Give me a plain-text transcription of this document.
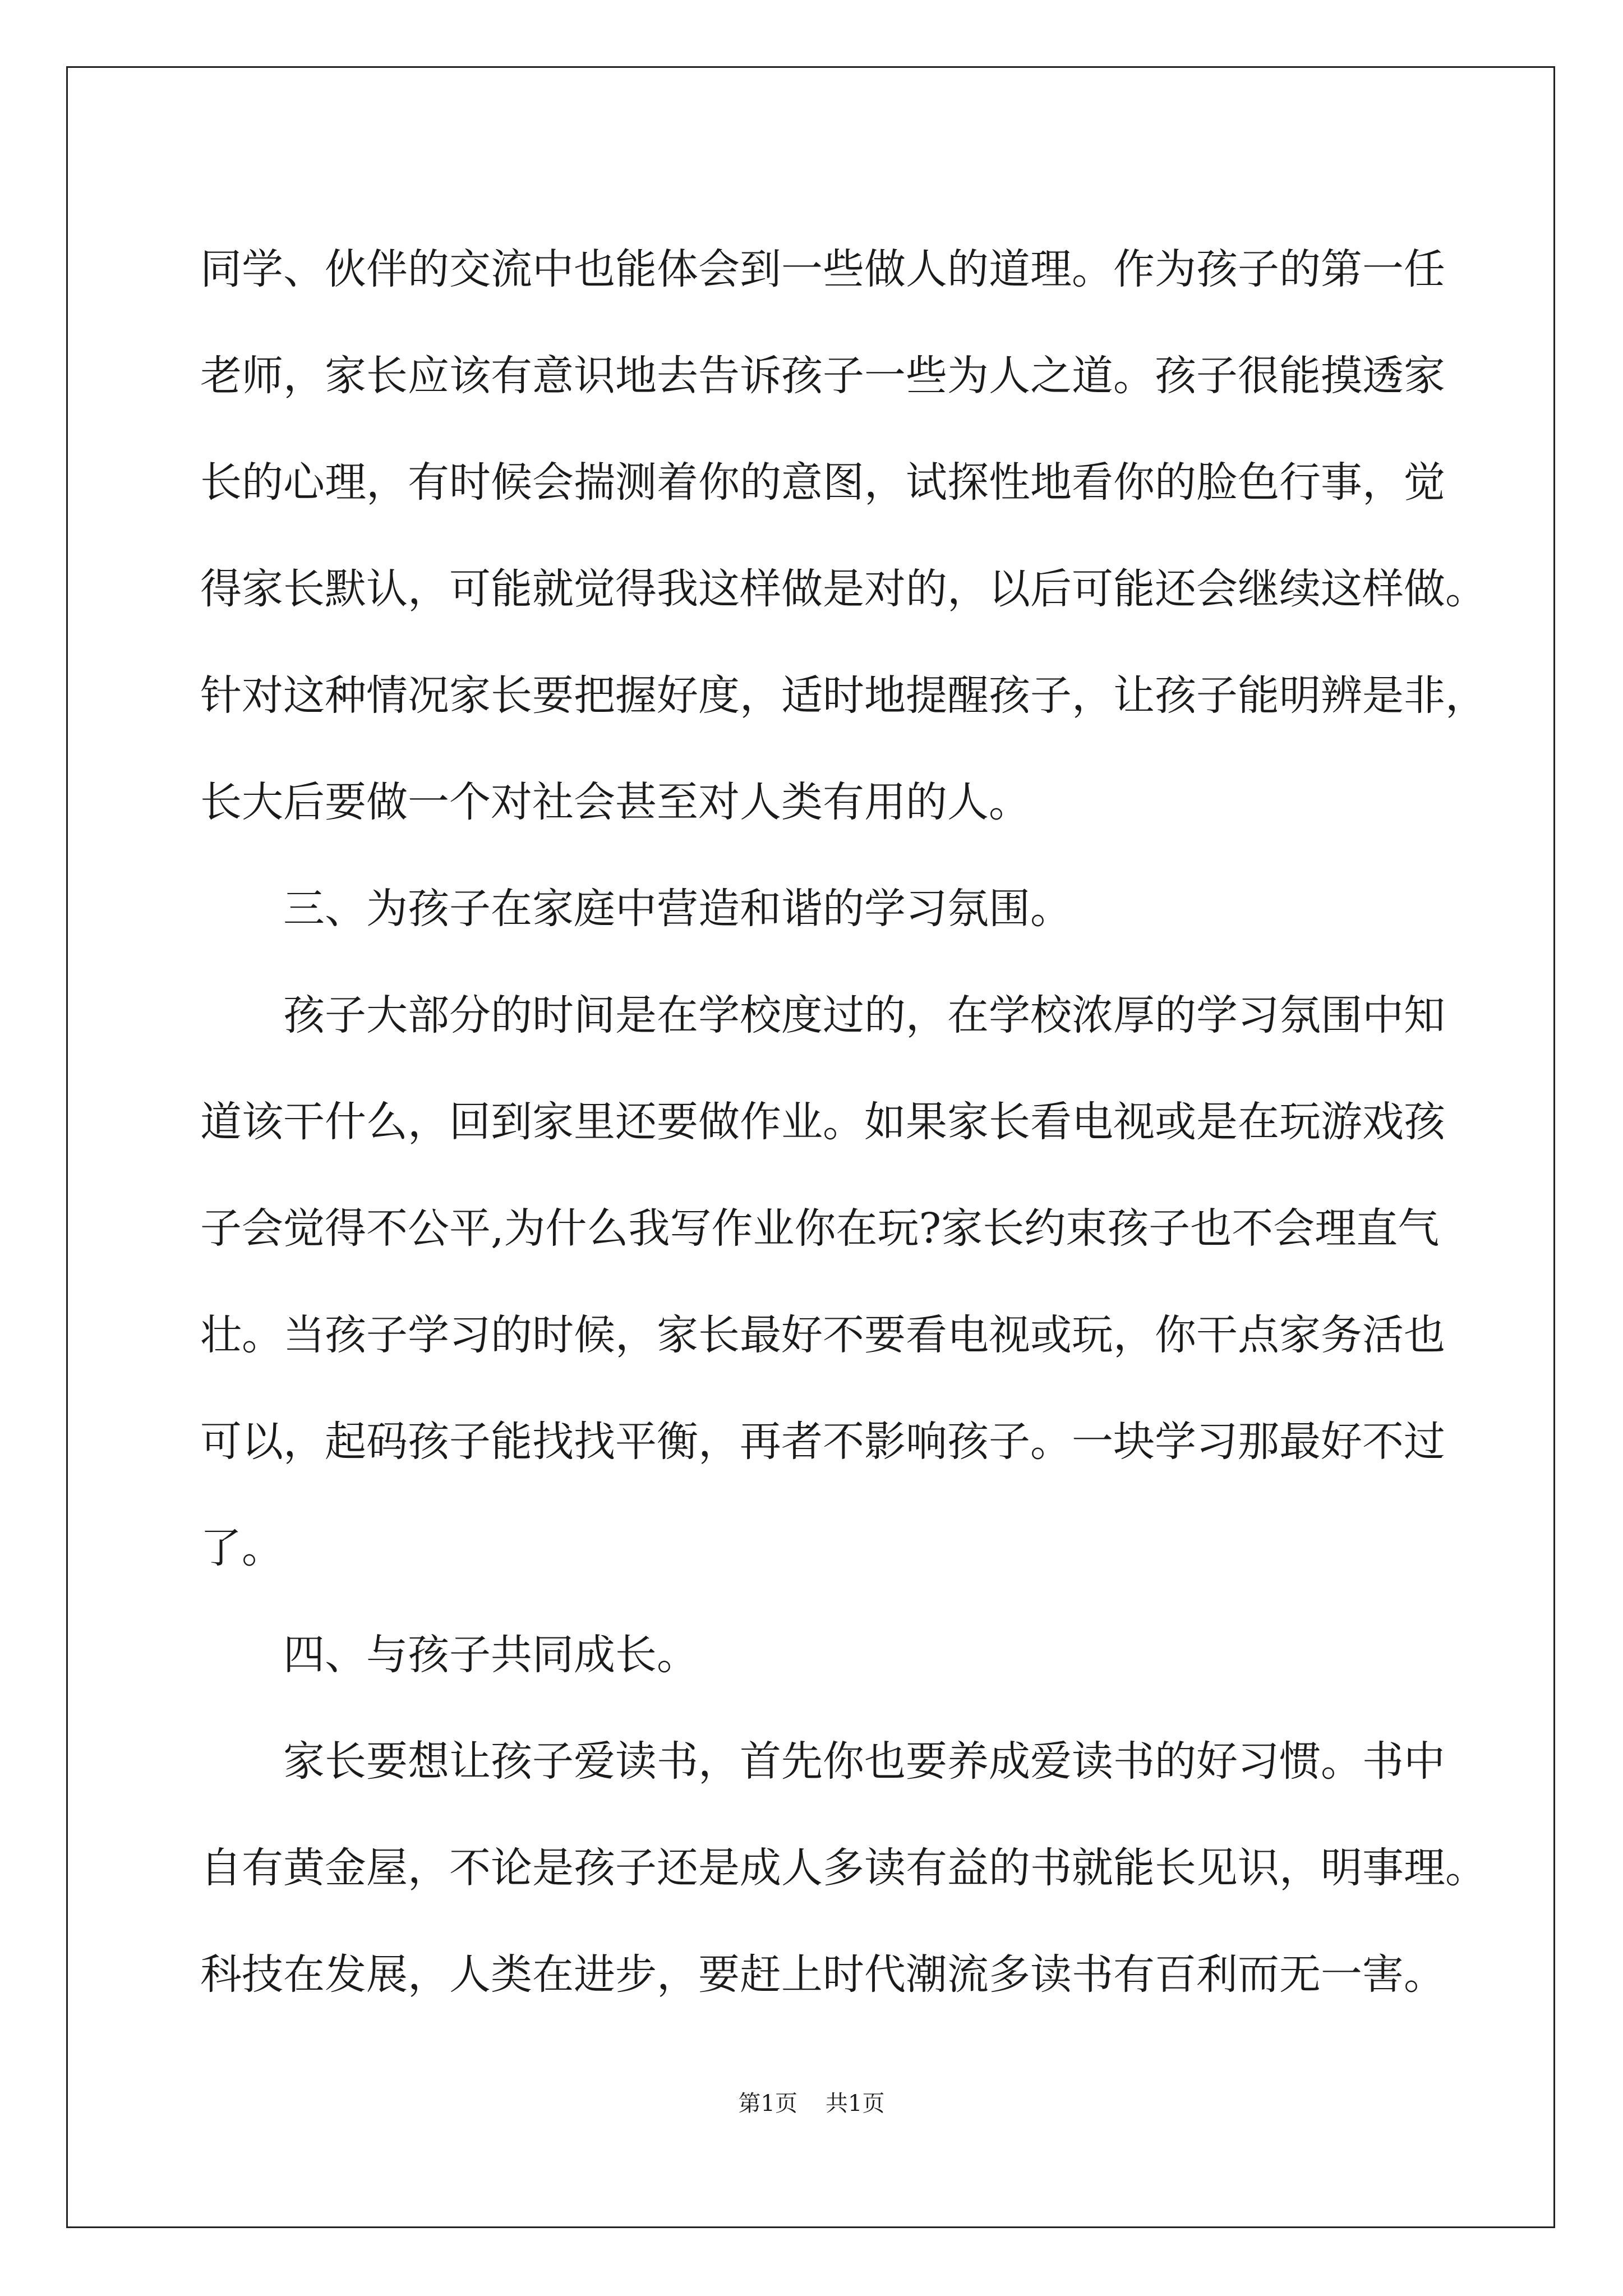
同学、伙伴的交流中也能体会到一些做人的道理。作为孩子的第一任
老师，家长应该有意识地去告诉孩子一些为人之道。孩子很能摸透家
长的心理，有时候会揣测着你的意图，试探性地看你的脸色行事，觉
得家长默认，可能就觉得我这样做是对的，以后可能还会继续这样做。
针对这种情况家长要把握好度，适时地提醒孩子，让孩子能明辨是非，
长大后要做一个对社会甚至对人类有用的人。
三、为孩子在家庭中营造和谐的学习氛围。
孩子大部分的时间是在学校度过的，在学校浓厚的学习氛围中知
道该干什么，回到家里还要做作业。如果家长看电视或是在玩游戏孩
子会觉得不公平,为什么我写作业你在玩?家长约束孩子也不会理直气
壮。当孩子学习的时候，家长最好不要看电视或玩，你干点家务活也
可以，起码孩子能找找平衡，再者不影响孩子。一块学习那最好不过
了。
四、与孩子共同成长。
家长要想让孩子爱读书，首先你也要养成爱读书的好习惯。书中
自有黄金屋，不论是孩子还是成人多读有益的书就能长见识，明事理。
科技在发展，人类在进步，要赶上时代潮流多读书有百利而无一害。
第1页 共1页
